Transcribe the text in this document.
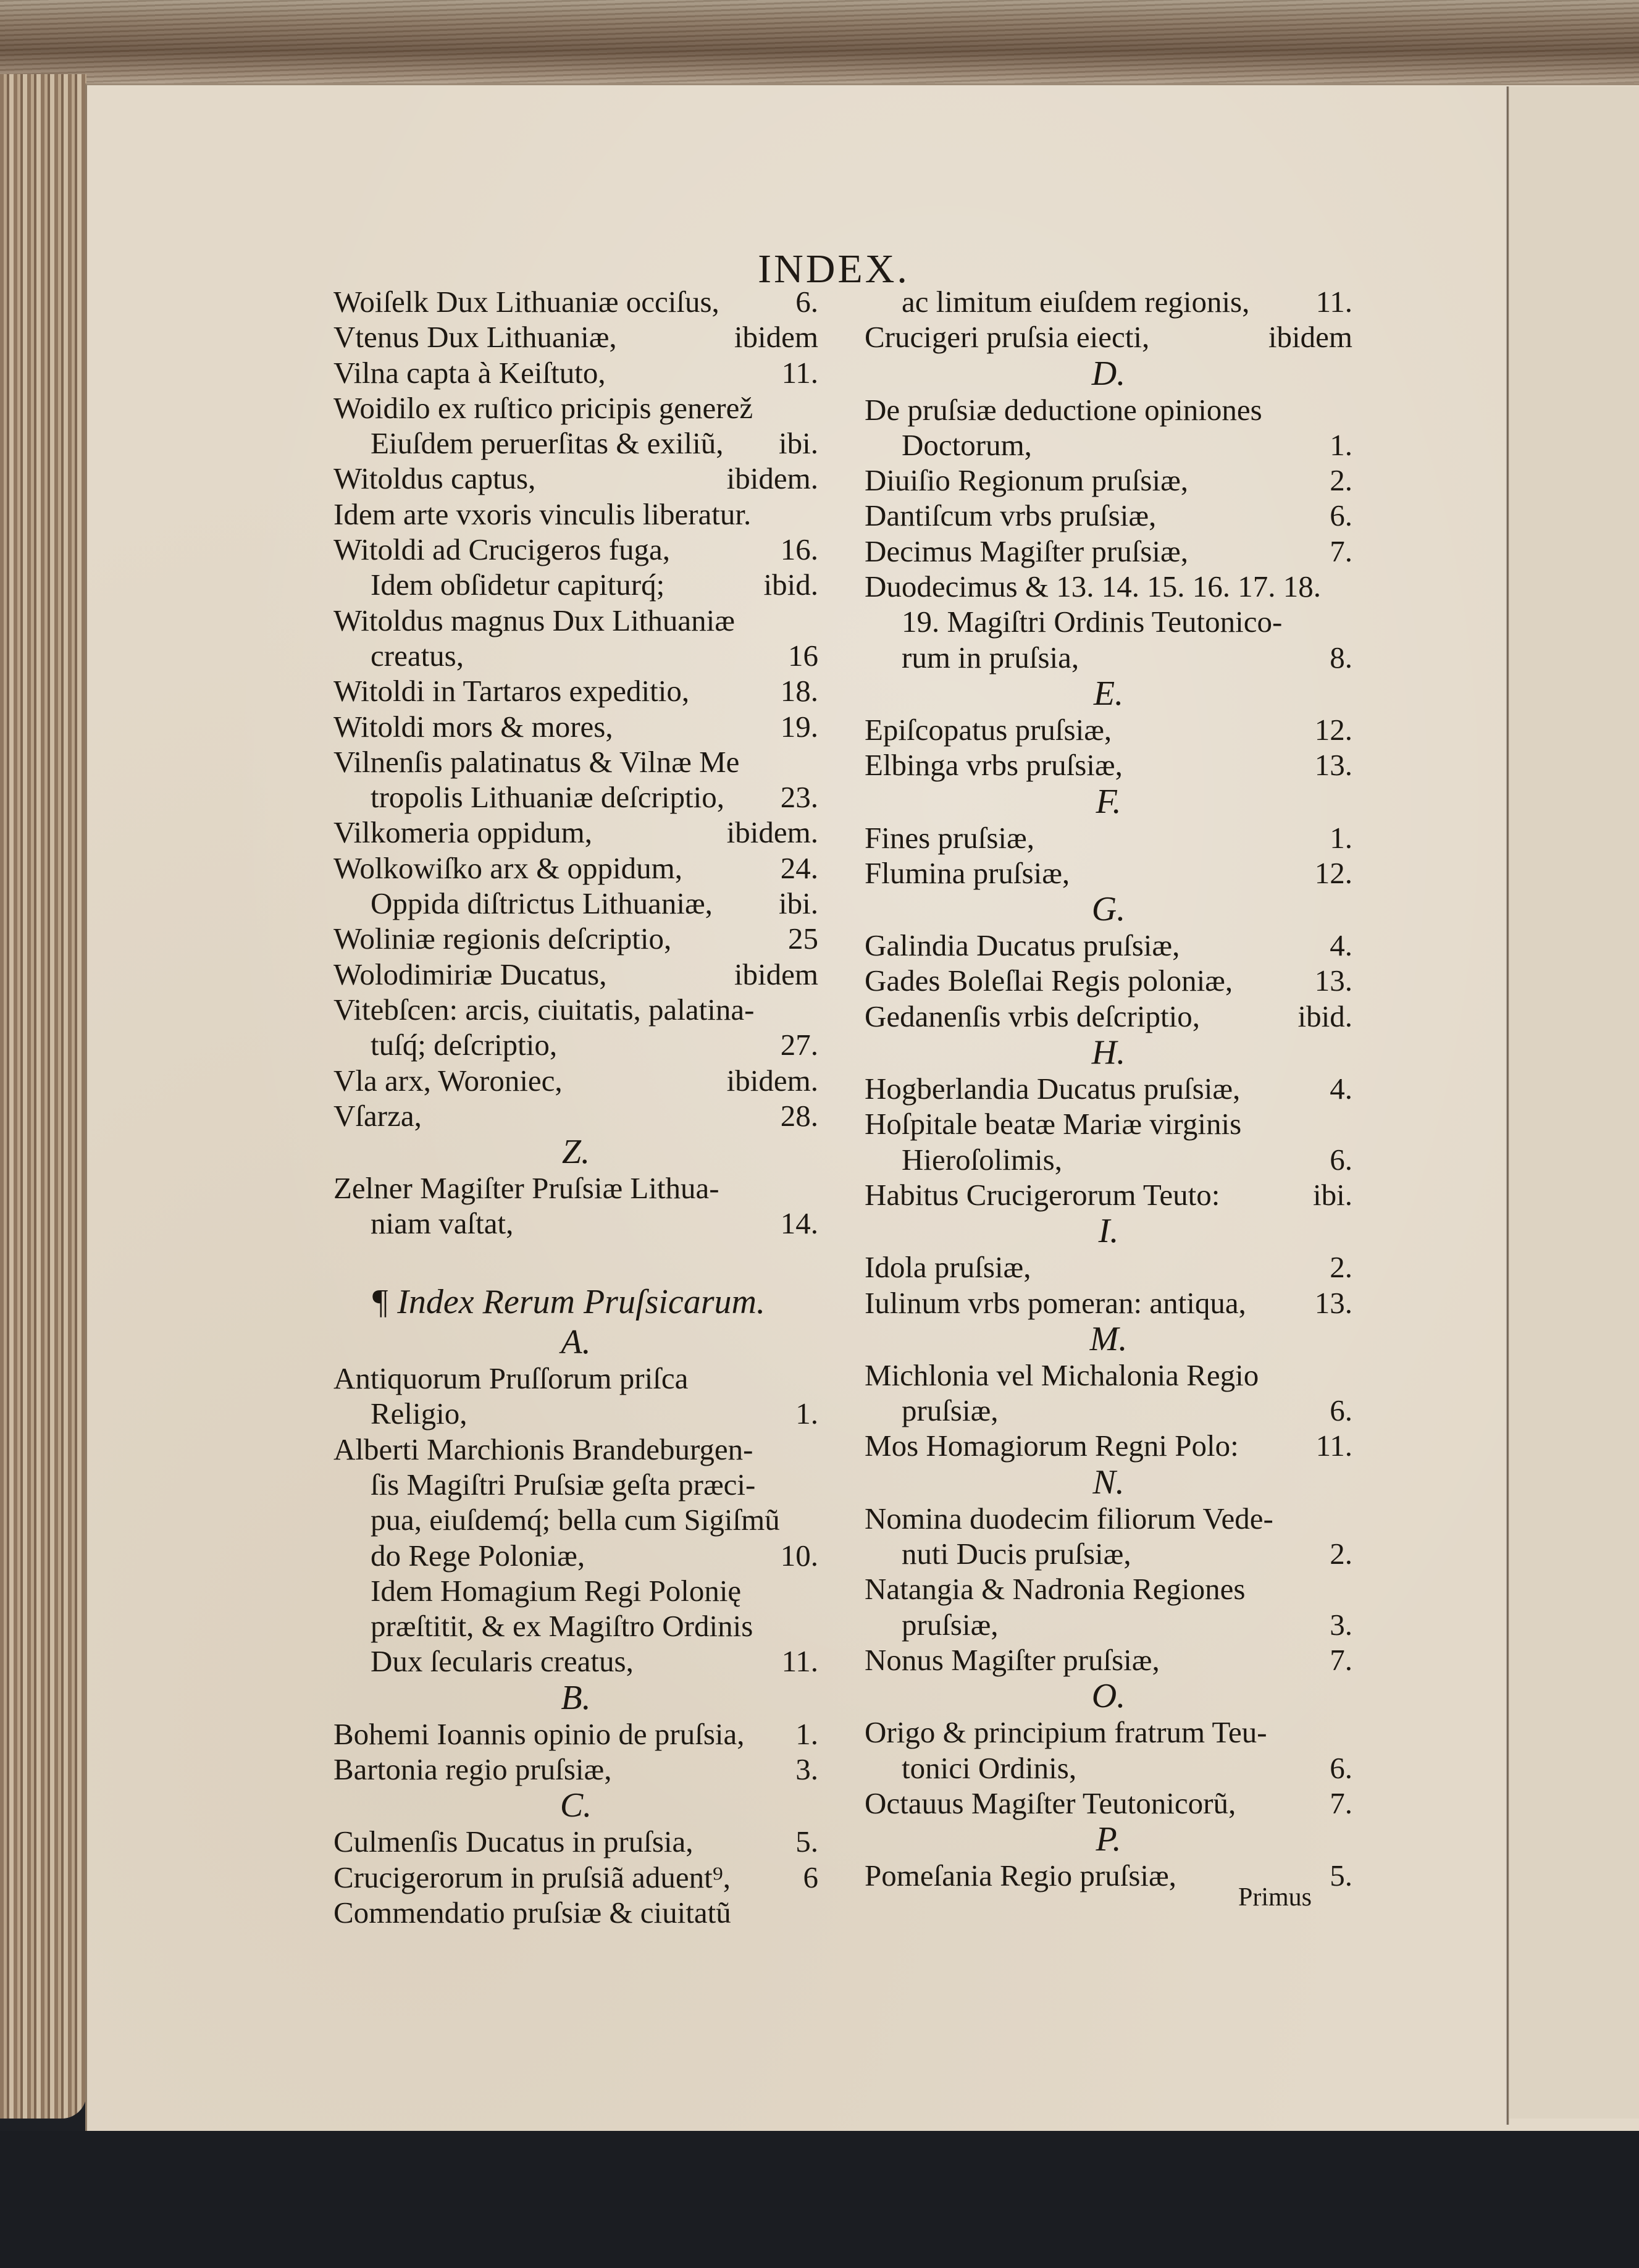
INDEX.
Woiſelk Dux Lithuaniæ occiſus,	6.
Vtenus Dux Lithuaniæ,	ibidem
Vilna capta à Keiſtuto,	11.
Woidilo ex ruſtico pricipis generež
Eiuſdem peruerſitas & exiliũ, ibi.
Witoldus captus,	ibidem.
Idem arte vxoris vinculis liberatur.
Witoldi ad Crucigeros fuga,	16.
Idem obſidetur capiturq́;	ibid.
Witoldus magnus Dux Lithuaniæ
creatus,	16
Witoldi in Tartaros expeditio,	18.
Witoldi mors & mores,	19.
Vilnenſis palatinatus & Vilnæ Me
tropolis Lithuaniæ deſcriptio, 23.
Vilkomeria oppidum,	ibidem.
Wolkowiſko arx & oppidum,	24.
Oppida diſtrictus Lithuaniæ, ibi.
Woliniæ regionis deſcriptio,	25
Wolodimiriæ Ducatus,	ibidem
Vitebſcen: arcis, ciuitatis, palatina-
tuſq́; deſcriptio,	27.
Vla arx, Woroniec,	ibidem.
Vſarza,	28.
Z.
Zelner Magiſter Pruſsiæ Lithua-
niam vaſtat,	14.
¶ Index Rerum Pruſsicarum.
A.
Antiquorum Pruſſorum priſca
Religio,	1.
Alberti Marchionis Brandeburgen-
ſis Magiſtri Pruſsiæ geſta præci-
pua, eiuſdemq́; bella cum Sigiſmũ
do Rege Poloniæ,	10.
Idem Homagium Regi Polonię
præſtitit, & ex Magiſtro Ordinis
Dux ſecularis creatus,	11.
B.
Bohemi Ioannis opinio de pruſsia, 1.
Bartonia regio pruſsiæ,	3.
C.
Culmenſis Ducatus in pruſsia,	5.
Crucigerorum in pruſsiã aduent⁹, 6
Commendatio pruſsiæ & ciuitatũ
ac limitum eiuſdem regionis, 11.
Crucigeri pruſsia eiecti,	ibidem
D.
De pruſsiæ deductione opiniones
Doctorum,	1.
Diuiſio Regionum pruſsiæ,	2.
Dantiſcum vrbs pruſsiæ,	6.
Decimus Magiſter pruſsiæ,	7.
Duodecimus & 13. 14. 15. 16. 17. 18.
19. Magiſtri Ordinis Teutonico-
rum in pruſsia,	8.
E.
Epiſcopatus pruſsiæ,	12.
Elbinga vrbs pruſsiæ,	13.
F.
Fines pruſsiæ,	1.
Flumina pruſsiæ,	12.
G.
Galindia Ducatus pruſsiæ,	4.
Gades Boleſlai Regis poloniæ,	13.
Gedanenſis vrbis deſcriptio,	ibid.
H.
Hogberlandia Ducatus pruſsiæ,	4.
Hoſpitale beatæ Mariæ virginis
Hieroſolimis,	6.
Habitus Crucigerorum Teuto:	ibi.
I.
Idola pruſsiæ,	2.
Iulinum vrbs pomeran: antiqua, 13.
M.
Michlonia vel Michalonia Regio
pruſsiæ,	6.
Mos Homagiorum Regni Polo:	11.
N.
Nomina duodecim filiorum Vede-
nuti Ducis pruſsiæ,	2.
Natangia & Nadronia Regiones
pruſsiæ,	3.
Nonus Magiſter pruſsiæ,	7.
O.
Origo & principium fratrum Teu-
tonici Ordinis,	6.
Octauus Magiſter Teutonicorũ,	7.
P.
Pomeſania Regio pruſsiæ,	5.
Primus
